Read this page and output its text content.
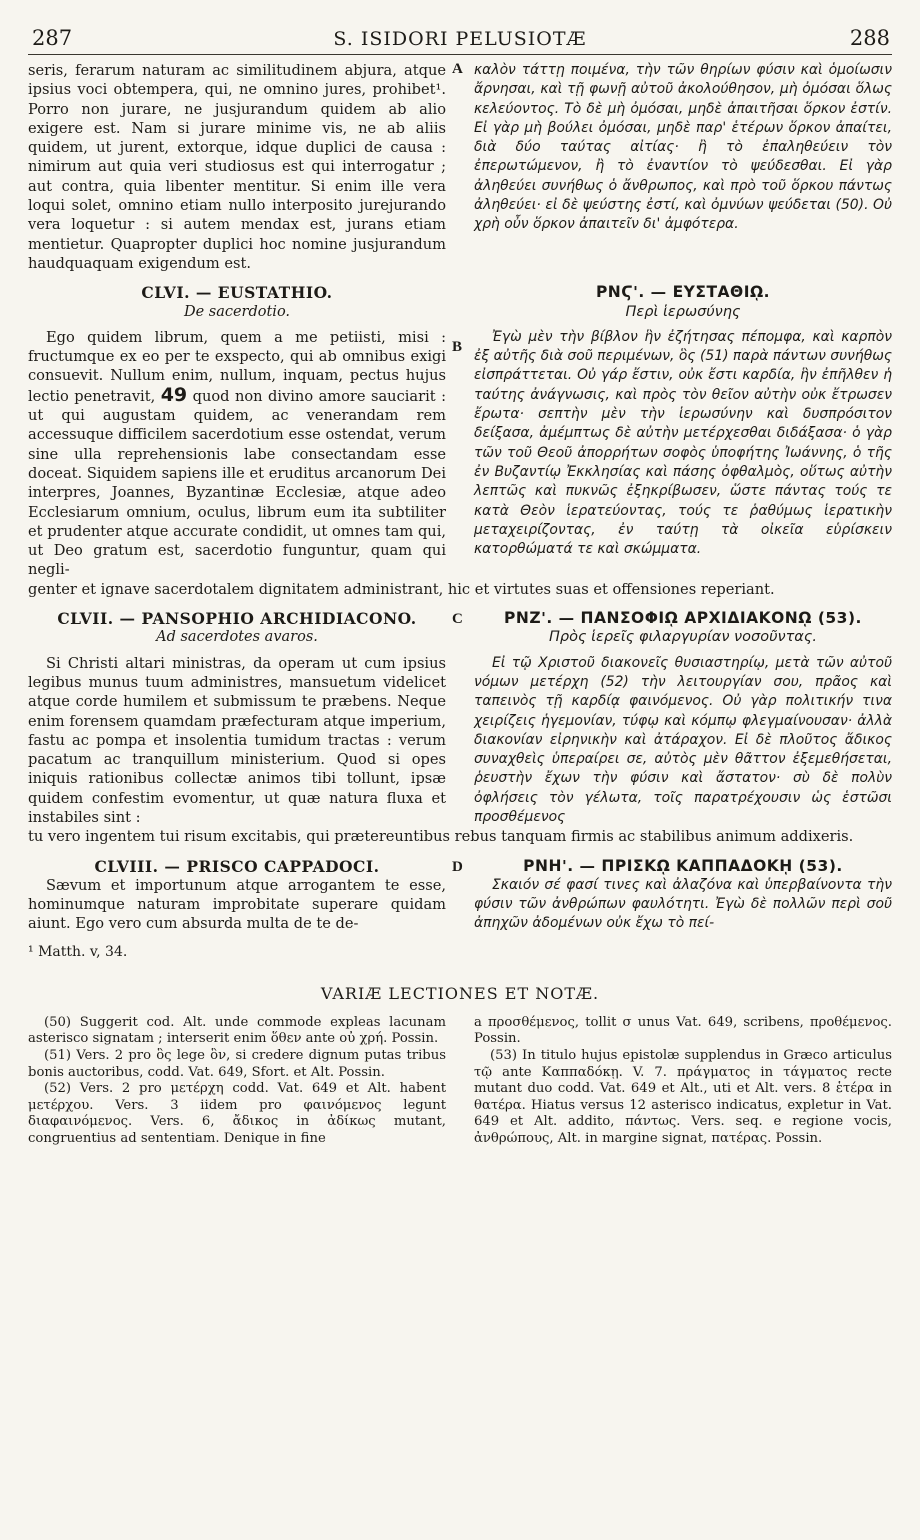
287	S. ISIDORI PELUSIOTÆ	288
seris, ferarum naturam ac similitudinem abjura, atque ipsius voci obtempera, qui, ne omnino jures, prohibet¹. Porro non jurare, ne jusjurandum quidem ab alio exigere est. Nam si jurare minime vis, ne ab aliis quidem, ut jurent, extorque, idque duplici de causa : nimirum aut quia veri studiosus est qui interrogatur ; aut contra, quia libenter mentitur. Si enim ille vera loqui solet, omnino etiam nullo interposito jurejurando vera loquetur : si autem mendax est, jurans etiam mentietur. Quapropter duplici hoc nomine jusjurandum haudquaquam exigendum est.
A καλὸν τάττῃ ποιμένα, τὴν τῶν θηρίων φύσιν καὶ ὁμοίωσιν ἄρνησαι, καὶ τῇ φωνῇ αὐτοῦ ἀκολούθησον, μὴ ὀμόσαι ὅλως κελεύοντος. Τὸ δὲ μὴ ὀμόσαι, μηδὲ ἀπαιτῆσαι ὅρκον ἐστίν. Εἰ γὰρ μὴ βούλει ὀμόσαι, μηδὲ παρ' ἑτέρων ὅρκον ἀπαίτει, διὰ δύο ταύτας αἰτίας· ἢ τὸ ἐπαληθεύειν τὸν ἐπερωτώμενον, ἢ τὸ ἐναντίον τὸ ψεύδεσθαι. Εἰ γὰρ ἀληθεύει συνήθως ὁ ἄνθρωπος, καὶ πρὸ τοῦ ὅρκου πάντως ἀληθεύει· εἰ δὲ ψεύστης ἐστί, καὶ ὀμνύων ψεύδεται (50). Οὐ χρὴ οὖν ὅρκον ἀπαιτεῖν δι' ἀμφότερα.
CLVI. — EUSTATHIO.
De sacerdotio.

Ego quidem librum, quem a me petiisti, misi : fructumque ex eo per te exspecto, qui ab omnibus exigi consuevit. Nullum enim, nullum, inquam, pectus hujus lectio penetravit, 49 quod non divino amore sauciarit : ut qui augustam quidem, ac venerandam rem accessuque difficilem sacerdotium esse ostendat, verum sine ulla reprehensionis labe consectandam esse doceat. Siquidem sapiens ille et eruditus arcanorum Dei interpres, Joannes, Byzantinæ Ecclesiæ, atque adeo Ecclesiarum omnium, oculus, librum eum ita subtiliter et prudenter atque accurate condidit, ut omnes tam qui, ut Deo gratum est, sacerdotio funguntur, quam qui negli-

B
ΡΝϚ'. — ΕΥΣΤΑΘΙῼ.
Περὶ ἱερωσύνης

Ἐγὼ μὲν τὴν βίβλον ἣν ἐζήτησας πέπομφα, καὶ καρπὸν ἐξ αὐτῆς διὰ σοῦ περιμένων, ὃς (51) παρὰ πάντων συνήθως εἰσπράττεται. Οὐ γάρ ἔστιν, οὐκ ἔστι καρδία, ἣν ἐπῆλθεν ἡ ταύτης ἀνάγνωσις, καὶ πρὸς τὸν θεῖον αὐτὴν οὐκ ἔτρωσεν ἔρωτα· σεπτὴν μὲν τὴν ἱερωσύνην καὶ δυσπρόσιτον δείξασα, ἀμέμπτως δὲ αὐτὴν μετέρχεσθαι διδάξασα· ὁ γὰρ τῶν τοῦ Θεοῦ ἀπορρήτων σοφὸς ὑποφήτης Ἰωάννης, ὁ τῆς ἐν Βυζαντίῳ Ἐκκλησίας καὶ πάσης ὀφθαλμὸς, οὕτως αὐτὴν λεπτῶς καὶ πυκνῶς ἐξηκρίβωσεν, ὥστε πάντας τούς τε κατὰ Θεὸν ἱερατεύοντας, τούς τε ῥαθύμως ἱερατικὴν μεταχειρίζοντας, ἐν ταύτῃ τὰ οἰκεῖα εὑρίσκειν κατορθώματά τε καὶ σκώμματα.

genter et ignave sacerdotalem dignitatem administrant, hic et virtutes suas et offensiones reperiant.
CLVII. — PANSOPHIO ARCHIDIACONO.
Ad sacerdotes avaros.

Si Christi altari ministras, da operam ut cum ipsius legibus munus tuum administres, mansuetum videlicet atque corde humilem et submissum te præbens. Neque enim forensem quamdam præfecturam atque imperium, fastu ac pompa et insolentia tumidum tractas : verum pacatum ac tranquillum ministerium. Quod si opes iniquis rationibus collectæ animos tibi tollunt, ipsæ quidem confestim evomentur, ut quæ natura fluxa et instabiles sint :

C	ΡΝΖ'. — ΠΑΝΣΟΦΙῼ ΑΡΧΙΔΙΑΚΟΝῼ (53).
Πρὸς ἱερεῖς φιλαργυρίαν νοσοῦντας.

Εἰ τῷ Χριστοῦ διακονεῖς θυσιαστηρίῳ, μετὰ τῶν αὐτοῦ νόμων μετέρχη (52) τὴν λειτουργίαν σου, πρᾶος καὶ ταπεινὸς τῇ καρδίᾳ φαινόμενος. Οὐ γὰρ πολιτικήν τινα χειρίζεις ἡγεμονίαν, τύφῳ καὶ κόμπῳ φλεγμαίνουσαν· ἀλλὰ διακονίαν εἰρηνικὴν καὶ ἀτάραχον. Εἰ δὲ πλοῦτος ἄδικος συναχθεὶς ὑπεραίρει σε, αὐτὸς μὲν θᾶττον ἐξεμεθήσεται, ῥευστὴν ἔχων τὴν φύσιν καὶ ἄστατον· σὺ δὲ πολὺν ὀφλήσεις τὸν γέλωτα, τοῖς παρατρέχουσιν ὡς ἑστῶσι προσθέμενος

tu vero ingentem tui risum excitabis, qui prætereuntibus rebus tanquam firmis ac stabilibus animum addixeris.
CLVIII. — PRISCO CAPPADOCI.

Sævum et importunum atque arrogantem te esse, hominumque naturam improbitate superare quidam aiunt. Ego vero cum absurda multa de te de-

D	ΡΝΗ'. — ΠΡΙΣΚῼ ΚΑΠΠΑΔΟΚῌ (53).

Σκαιόν σέ φασί τινες καὶ ἀλαζόνα καὶ ὑπερβαίνοντα τὴν φύσιν τῶν ἀνθρώπων φαυλότητι. Ἐγὼ δὲ πολλῶν περὶ σοῦ ἀπηχῶν ἀδομένων οὐκ ἔχω τὸ πεί-

¹ Matth. v, 34.
VARIÆ LECTIONES ET NOTÆ.

(50) Suggerit cod. Alt. unde commode expleas lacunam asterisco signatam ; interserit enim ὅθεν ante οὐ χρή. Possin.

(51) Vers. 2 pro ὃς lege ὃν, si credere dignum putas tribus bonis auctoribus, codd. Vat. 649, Sfort. et Alt. Possin.

(52) Vers. 2 pro μετέρχη codd. Vat. 649 et Alt. habent μετέρχου. Vers. 3 iidem pro φαινόμενος legunt διαφαινόμενος. Vers. 6, ἄδικος in ἀδίκως mutant, congruentius ad sententiam. Denique in fine

a προσθέμενος, tollit σ unus Vat. 649, scribens, προθέμενος. Possin.

(53) In titulo hujus epistolæ supplendus in Græco articulus τῷ ante Καππαδόκῃ. V. 7. πράγματος in τάγματος recte mutant duo codd. Vat. 649 et Alt., uti et Alt. vers. 8 ἑτέρα in θατέρα. Hiatus versus 12 asterisco indicatus, expletur in Vat. 649 et Alt. addito, πάντως. Vers. seq. e regione vocis, ἀνθρώπους, Alt. in margine signat, πατέρας. Possin.
